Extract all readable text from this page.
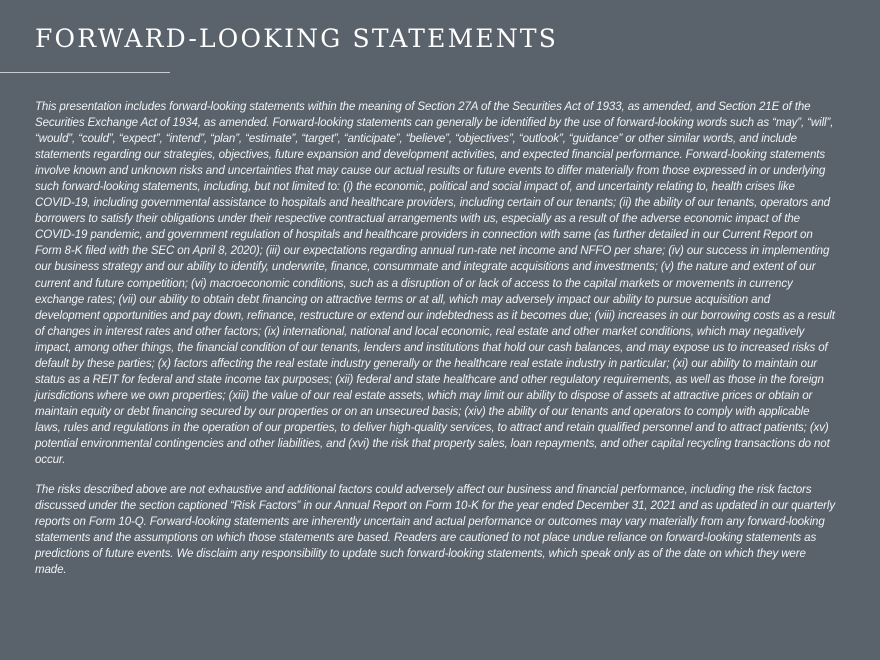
FORWARD-LOOKING STATEMENTS

This presentation includes forward-looking statements within the meaning of Section 27A of the Securities Act of 1933, as amended, and Section 21E of the Securities Exchange Act of 1934, as amended. Forward-looking statements can generally be identified by the use of forward-looking words such as “may”, “will”, “would”, “could”, “expect”, “intend”, “plan”, “estimate”, “target”, “anticipate”, “believe”, “objectives”, “outlook”, “guidance” or other similar words, and include statements regarding our strategies, objectives, future expansion and development activities, and expected financial performance. Forward-looking statements involve known and unknown risks and uncertainties that may cause our actual results or future events to differ materially from those expressed in or underlying such forward-looking statements, including, but not limited to: (i) the economic, political and social impact of, and uncertainty relating to, health crises like COVID-19, including governmental assistance to hospitals and healthcare providers, including certain of our tenants; (ii) the ability of our tenants, operators and borrowers to satisfy their obligations under their respective contractual arrangements with us, especially as a result of the adverse economic impact of the COVID-19 pandemic, and government regulation of hospitals and healthcare providers in connection with same (as further detailed in our Current Report on Form 8-K filed with the SEC on April 8, 2020); (iii) our expectations regarding annual run-rate net income and NFFO per share; (iv) our success in implementing our business strategy and our ability to identify, underwrite, finance, consummate and integrate acquisitions and investments; (v) the nature and extent of our current and future competition; (vi) macroeconomic conditions, such as a disruption of or lack of access to the capital markets or movements in currency exchange rates; (vii) our ability to obtain debt financing on attractive terms or at all, which may adversely impact our ability to pursue acquisition and development opportunities and pay down, refinance, restructure or extend our indebtedness as it becomes due; (viii) increases in our borrowing costs as a result of changes in interest rates and other factors; (ix) international, national and local economic, real estate and other market conditions, which may negatively impact, among other things, the financial condition of our tenants, lenders and institutions that hold our cash balances, and may expose us to increased risks of default by these parties; (x) factors affecting the real estate industry generally or the healthcare real estate industry in particular; (xi) our ability to maintain our status as a REIT for federal and state income tax purposes; (xii) federal and state healthcare and other regulatory requirements, as well as those in the foreign jurisdictions where we own properties; (xiii) the value of our real estate assets, which may limit our ability to dispose of assets at attractive prices or obtain or maintain equity or debt financing secured by our properties or on an unsecured basis; (xiv) the ability of our tenants and operators to comply with applicable laws, rules and regulations in the operation of our properties, to deliver high-quality services, to attract and retain qualified personnel and to attract patients; (xv) potential environmental contingencies and other liabilities, and (xvi) the risk that property sales, loan repayments, and other capital recycling transactions do not occur.

The risks described above are not exhaustive and additional factors could adversely affect our business and financial performance, including the risk factors discussed under the section captioned “Risk Factors” in our Annual Report on Form 10-K for the year ended December 31, 2021 and as updated in our quarterly reports on Form 10-Q. Forward-looking statements are inherently uncertain and actual performance or outcomes may vary materially from any forward-looking statements and the assumptions on which those statements are based. Readers are cautioned to not place undue reliance on forward-looking statements as predictions of future events. We disclaim any responsibility to update such forward-looking statements, which speak only as of the date on which they were made.
